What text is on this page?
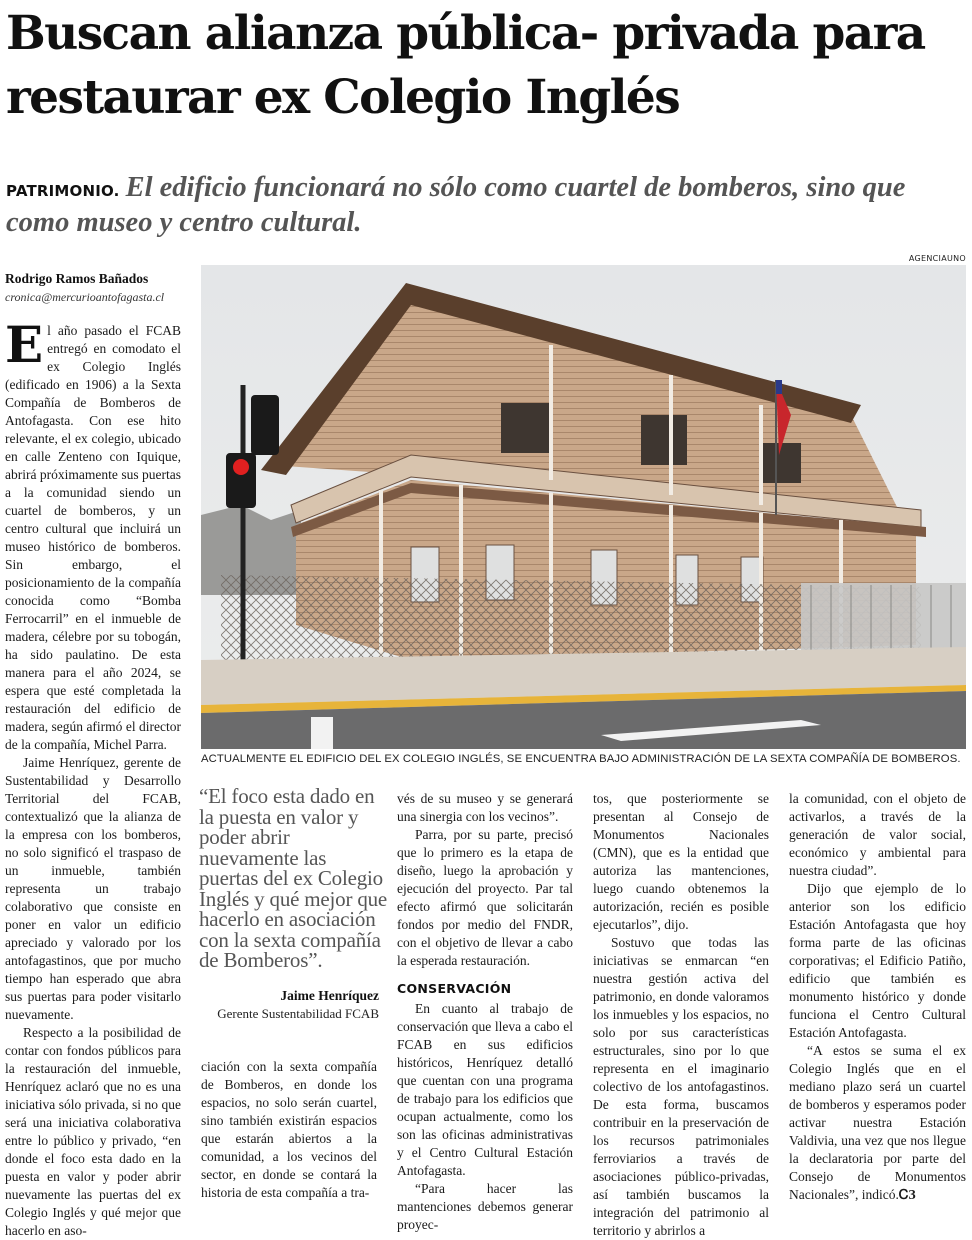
Buscan alianza pública- privada para restaurar ex Colegio Inglés
PATRIMONIO. El edificio funcionará no sólo como cuartel de bomberos, sino que como museo y centro cultural.
Rodrigo Ramos Bañados
cronica@mercurioantofagasta.cl
AGENCIAUNO
ACTUALMENTE EL EDIFICIO DEL EX COLEGIO INGLÉS, SE ENCUENTRA BAJO ADMINISTRACIÓN DE LA SEXTA COMPAÑÍA DE BOMBEROS.

El año pasado el FCAB entregó en comodato el ex Colegio Inglés (edificado en 1906) a la Sexta Compañía de Bomberos de Antofagasta. Con ese hito relevante, el ex colegio, ubicado en calle Zenteno con Iquique, abrirá próximamente sus puertas a la comunidad siendo un cuartel de bomberos, y un centro cultural que incluirá un museo histórico de bomberos. Sin embargo, el posicionamiento de la compañía conocida como “Bomba Ferrocarril” en el inmueble de madera, célebre por su tobogán, ha sido paulatino. De esta manera para el año 2024, se espera que esté completada la restauración del edificio de madera, según afirmó el director de la compañía, Michel Parra.

Jaime Henríquez, gerente de Sustentabilidad y Desarrollo Territorial del FCAB, contextualizó que la alianza de la empresa con los bomberos, no solo significó el traspaso de un inmueble, también representa un trabajo colaborativo que consiste en poner en valor un edificio apreciado y valorado por los antofagastinos, que por mucho tiempo han esperado que abra sus puertas para poder visitarlo nuevamente.

Respecto a la posibilidad de contar con fondos públicos para la restauración del inmueble, Henríquez aclaró que no es una iniciativa sólo privada, si no que será una iniciativa colaborativa entre lo público y privado, “en donde el foco esta dado en la puesta en valor y poder abrir nuevamente las puertas del ex Colegio Inglés y qué mejor que hacerlo en aso-

“El foco esta dado en la puesta en valor y poder abrir nuevamente las puertas del ex Colegio Inglés y qué mejor que hacerlo en asociación con la sexta compañía de Bomberos”.
Jaime Henríquez
Gerente Sustentabilidad FCAB

ciación con la sexta compañía de Bomberos, en donde los espacios, no solo serán cuartel, sino también existirán espacios que estarán abiertos a la comunidad, a los vecinos del sector, en donde se contará la historia de esta compañía a tra-

vés de su museo y se generará una sinergia con los vecinos”.

Parra, por su parte, precisó que lo primero es la etapa de diseño, luego la aprobación y ejecución del proyecto. Par tal efecto afirmó que solicitarán fondos por medio del FNDR, con el objetivo de llevar a cabo la esperada restauración.

CONSERVACIÓN

En cuanto al trabajo de conservación que lleva a cabo el FCAB en sus edificios históricos, Henríquez detalló que cuentan con una programa de trabajo para los edificios que ocupan actualmente, como los son las oficinas administrativas y el Centro Cultural Estación Antofagasta.

“Para hacer las mantenciones debemos generar proyec-

tos, que posteriormente se presentan al Consejo de Monumentos Nacionales (CMN), que es la entidad que autoriza las mantenciones, luego cuando obtenemos la autorización, recién es posible ejecutarlos”, dijo.

Sostuvo que todas las iniciativas se enmarcan “en nuestra gestión activa del patrimonio, en donde valoramos los inmuebles y los espacios, no solo por sus características estructurales, sino por lo que representa en el imaginario colectivo de los antofagastinos. De esta forma, buscamos contribuir en la preservación de los recursos patrimoniales ferroviarios a través de asociaciones público-privadas, así también buscamos la integración del patrimonio al territorio y abrirlos a

la comunidad, con el objeto de activarlos, a través de la generación de valor social, económico y ambiental para nuestra ciudad”.

Dijo que ejemplo de lo anterior son los edificio Estación Antofagasta que hoy forma parte de las oficinas corporativas; el Edificio Patiño, edificio que también es monumento histórico y donde funciona el Centro Cultural Estación Antofagasta.

“A estos se suma el ex Colegio Inglés que en el mediano plazo será un cuartel de bomberos y esperamos poder activar nuestra Estación Valdivia, una vez que nos llegue la declaratoria por parte del Consejo de Monumentos Nacionales”, indicó.ᏟЗ
